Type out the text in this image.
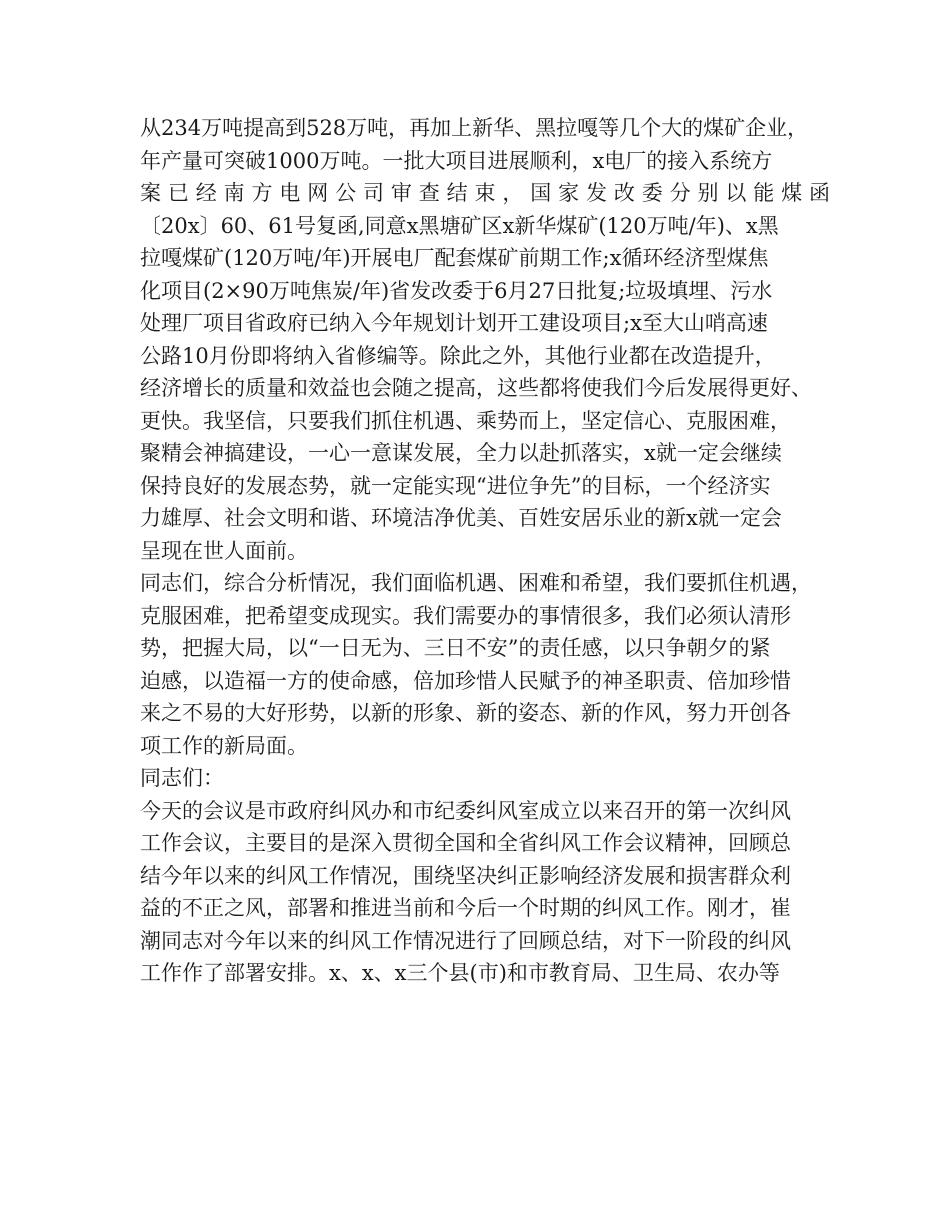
从234万吨提高到528万吨，再加上新华、黑拉嘎等几个大的煤矿企业，
年产量可突破1000万吨。一批大项目进展顺利，x电厂的接入系统方
案已经南方电网公司审查结束，国家发改委分别以能煤函
〔20x〕60、61号复函,同意x黑塘矿区x新华煤矿(120万吨/年)、x黑
拉嘎煤矿(120万吨/年)开展电厂配套煤矿前期工作;x循环经济型煤焦
化项目(2×90万吨焦炭/年)省发改委于6月27日批复;垃圾填埋、污水
处理厂项目省政府已纳入今年规划计划开工建设项目;x至大山哨高速
公路10月份即将纳入省修编等。除此之外，其他行业都在改造提升，
经济增长的质量和效益也会随之提高，这些都将使我们今后发展得更好、
更快。我坚信，只要我们抓住机遇、乘势而上，坚定信心、克服困难，
聚精会神搞建设，一心一意谋发展，全力以赴抓落实，x就一定会继续
保持良好的发展态势，就一定能实现“进位争先”的目标，一个经济实
力雄厚、社会文明和谐、环境洁净优美、百姓安居乐业的新x就一定会
呈现在世人面前。
同志们，综合分析情况，我们面临机遇、困难和希望，我们要抓住机遇，
克服困难，把希望变成现实。我们需要办的事情很多，我们必须认清形
势，把握大局，以“一日无为、三日不安”的责任感，以只争朝夕的紧
迫感，以造福一方的使命感，倍加珍惜人民赋予的神圣职责、倍加珍惜
来之不易的大好形势，以新的形象、新的姿态、新的作风，努力开创各
项工作的新局面。
同志们：
今天的会议是市政府纠风办和市纪委纠风室成立以来召开的第一次纠风
工作会议，主要目的是深入贯彻全国和全省纠风工作会议精神，回顾总
结今年以来的纠风工作情况，围绕坚决纠正影响经济发展和损害群众利
益的不正之风，部署和推进当前和今后一个时期的纠风工作。刚才，崔
潮同志对今年以来的纠风工作情况进行了回顾总结，对下一阶段的纠风
工作作了部署安排。x、x、x三个县(市)和市教育局、卫生局、农办等
